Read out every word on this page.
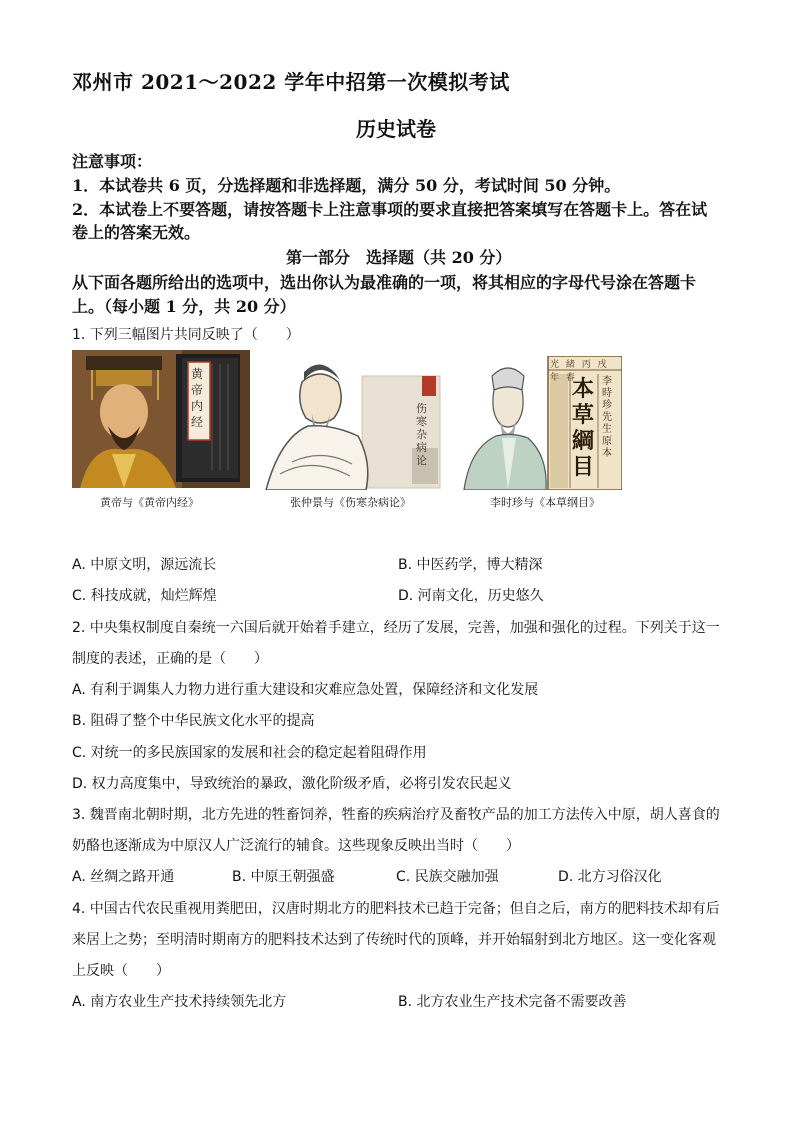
邓州市 2021～2022 学年中招第一次模拟考试
历史试卷
注意事项：
1．本试卷共 6 页，分选择题和非选择题，满分 50 分，考试时间 50 分钟。
2．本试卷上不要答题，请按答题卡上注意事项的要求直接把答案填写在答题卡上。答在试
卷上的答案无效。
第一部分　选择题（共 20 分）
从下面各题所给出的选项中，选出你认为最准确的一项，将其相应的字母代号涂在答题卡
上。（每小题 1 分，共 20 分）
1. 下列三幅图片共同反映了（　　）
黄帝内经
黄帝与《黄帝内经》
伤寒杂病论
张仲景与《伤寒杂病论》
光 緒 丙 戌 年 春
本草綱目
李時珍先生原本
李时珍与《本草纲目》
A. 中原文明，源远流长	B. 中医药学，博大精深
C. 科技成就，灿烂辉煌	D. 河南文化，历史悠久
2. 中央集权制度自秦统一六国后就开始着手建立，经历了发展，完善，加强和强化的过程。下列关于这一
制度的表述，正确的是（　　）
A. 有利于调集人力物力进行重大建设和灾难应急处置，保障经济和文化发展
B. 阻碍了整个中华民族文化水平的提高
C. 对统一的多民族国家的发展和社会的稳定起着阻碍作用
D. 权力高度集中，导致统治的暴政，激化阶级矛盾，必将引发农民起义
3. 魏晋南北朝时期，北方先进的牲畜饲养，牲畜的疾病治疗及畜牧产品的加工方法传入中原，胡人喜食的
奶酪也逐渐成为中原汉人广泛流行的辅食。这些现象反映出当时（　　）
A. 丝绸之路开通	B. 中原王朝强盛	C. 民族交融加强	D. 北方习俗汉化
4. 中国古代农民重视用粪肥田，汉唐时期北方的肥料技术已趋于完备；但自之后，南方的肥料技术却有后
来居上之势；至明清时期南方的肥料技术达到了传统时代的顶峰，并开始辐射到北方地区。这一变化客观
上反映（　　）
A. 南方农业生产技术持续领先北方	B. 北方农业生产技术完备不需要改善
